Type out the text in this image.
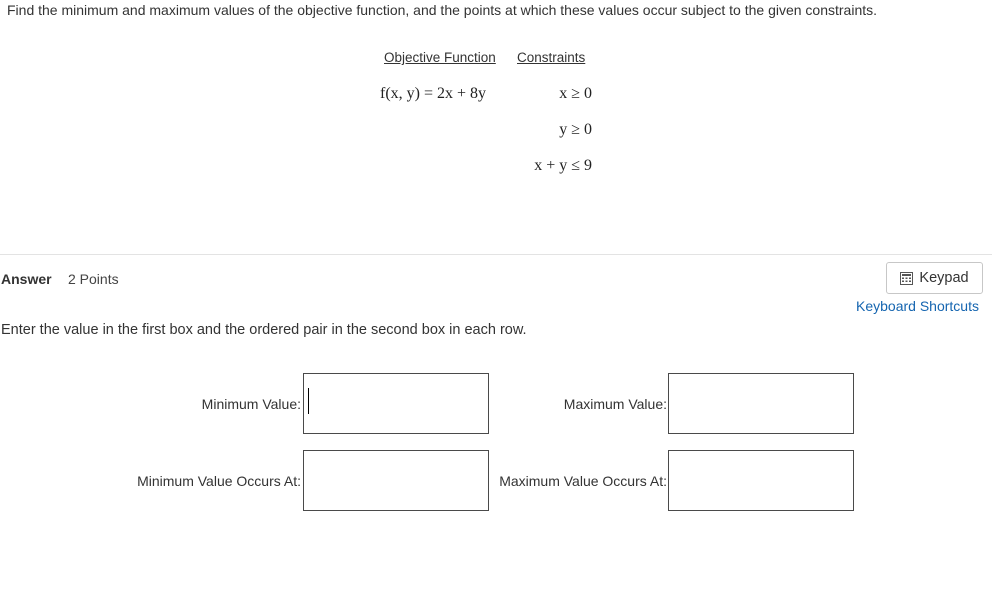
Find the minimum and maximum values of the objective function, and the points at which these values occur subject to the given constraints.
Objective Function Constraints
f(x, y) = 2x + 8y	x ≥ 0
y ≥ 0
x + y ≤ 9
Answer 2 Points	Keypad
Keyboard Shortcuts
Enter the value in the first box and the ordered pair in the second box in each row.
Minimum Value:	Maximum Value:
Minimum Value Occurs At:	Maximum Value Occurs At:
